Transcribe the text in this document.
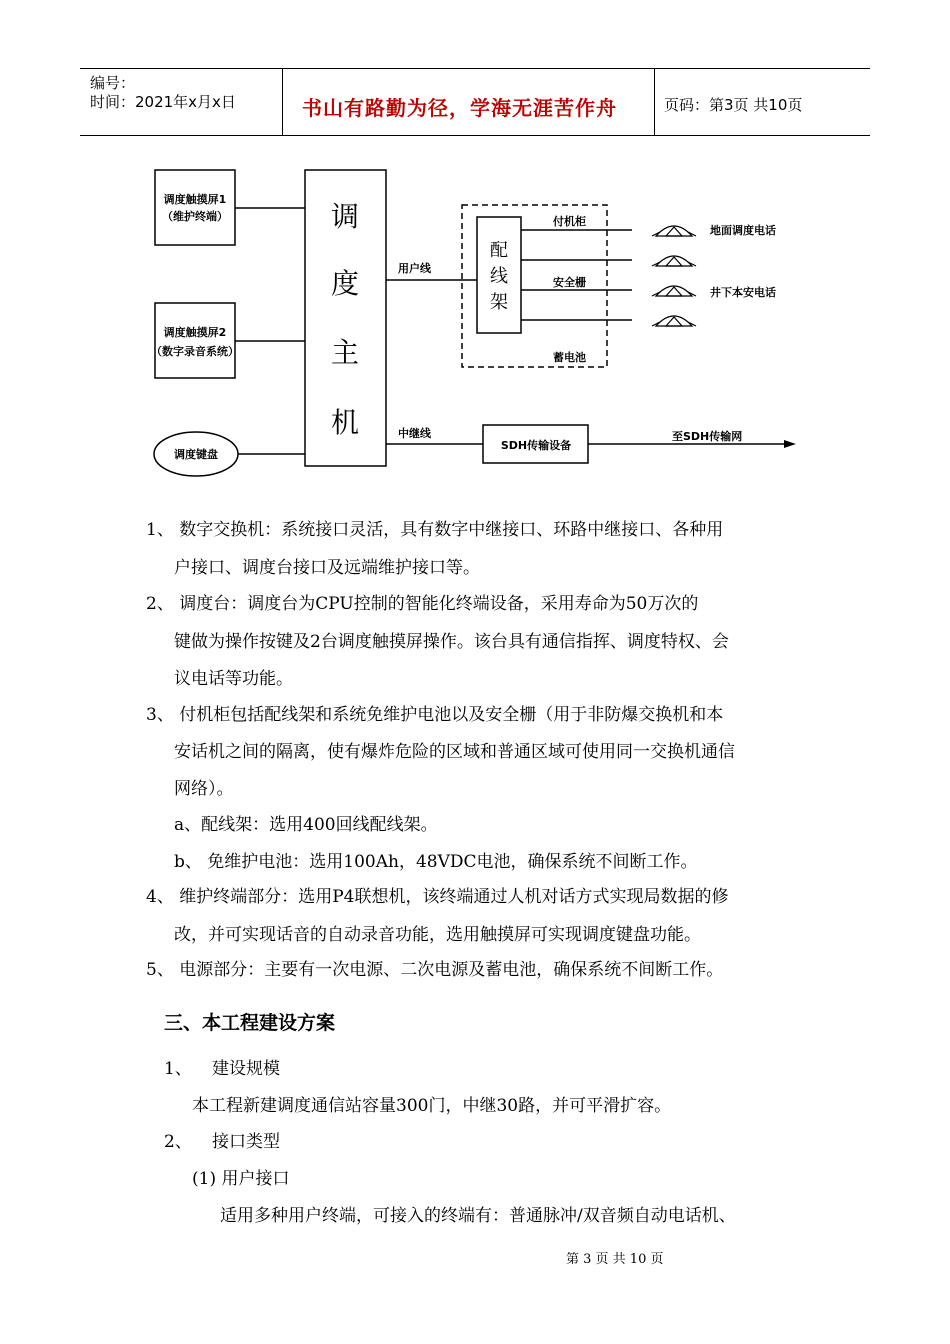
编号：
时间：2021年x月x日	书山有路勤为径，学海无涯苦作舟	页码：第3页 共10页
调度触摸屏1
（维护终端）
调度触摸屏2
（数字录音系统）
调度键盘
用户线
付机柜
安全栅
蓄电池
地面调度电话
井下本安电话
中继线
SDH传输设备
至SDH传输网
调
度
主
机
配
线
架
1、 数字交换机：系统接口灵活，具有数字中继接口、环路中继接口、各种用
户接口、调度台接口及远端维护接口等。
2、 调度台：调度台为CPU控制的智能化终端设备，采用寿命为50万次的
键做为操作按键及2台调度触摸屏操作。该台具有通信指挥、调度特权、会
议电话等功能。
3、 付机柜包括配线架和系统免维护电池以及安全栅（用于非防爆交换机和本
安话机之间的隔离，使有爆炸危险的区域和普通区域可使用同一交换机通信
网络）。
a、配线架：选用400回线配线架。
b、 免维护电池：选用100Ah，48VDC电池，确保系统不间断工作。
4、 维护终端部分：选用P4联想机，该终端通过人机对话方式实现局数据的修
改，并可实现话音的自动录音功能，选用触摸屏可实现调度键盘功能。
5、 电源部分：主要有一次电源、二次电源及蓄电池，确保系统不间断工作。
三、本工程建设方案
1、 建设规模
本工程新建调度通信站容量300门，中继30路，并可平滑扩容。
2、 接口类型
(1) 用户接口
适用多种用户终端，可接入的终端有：普通脉冲/双音频自动电话机、
第 3 页 共 10 页
